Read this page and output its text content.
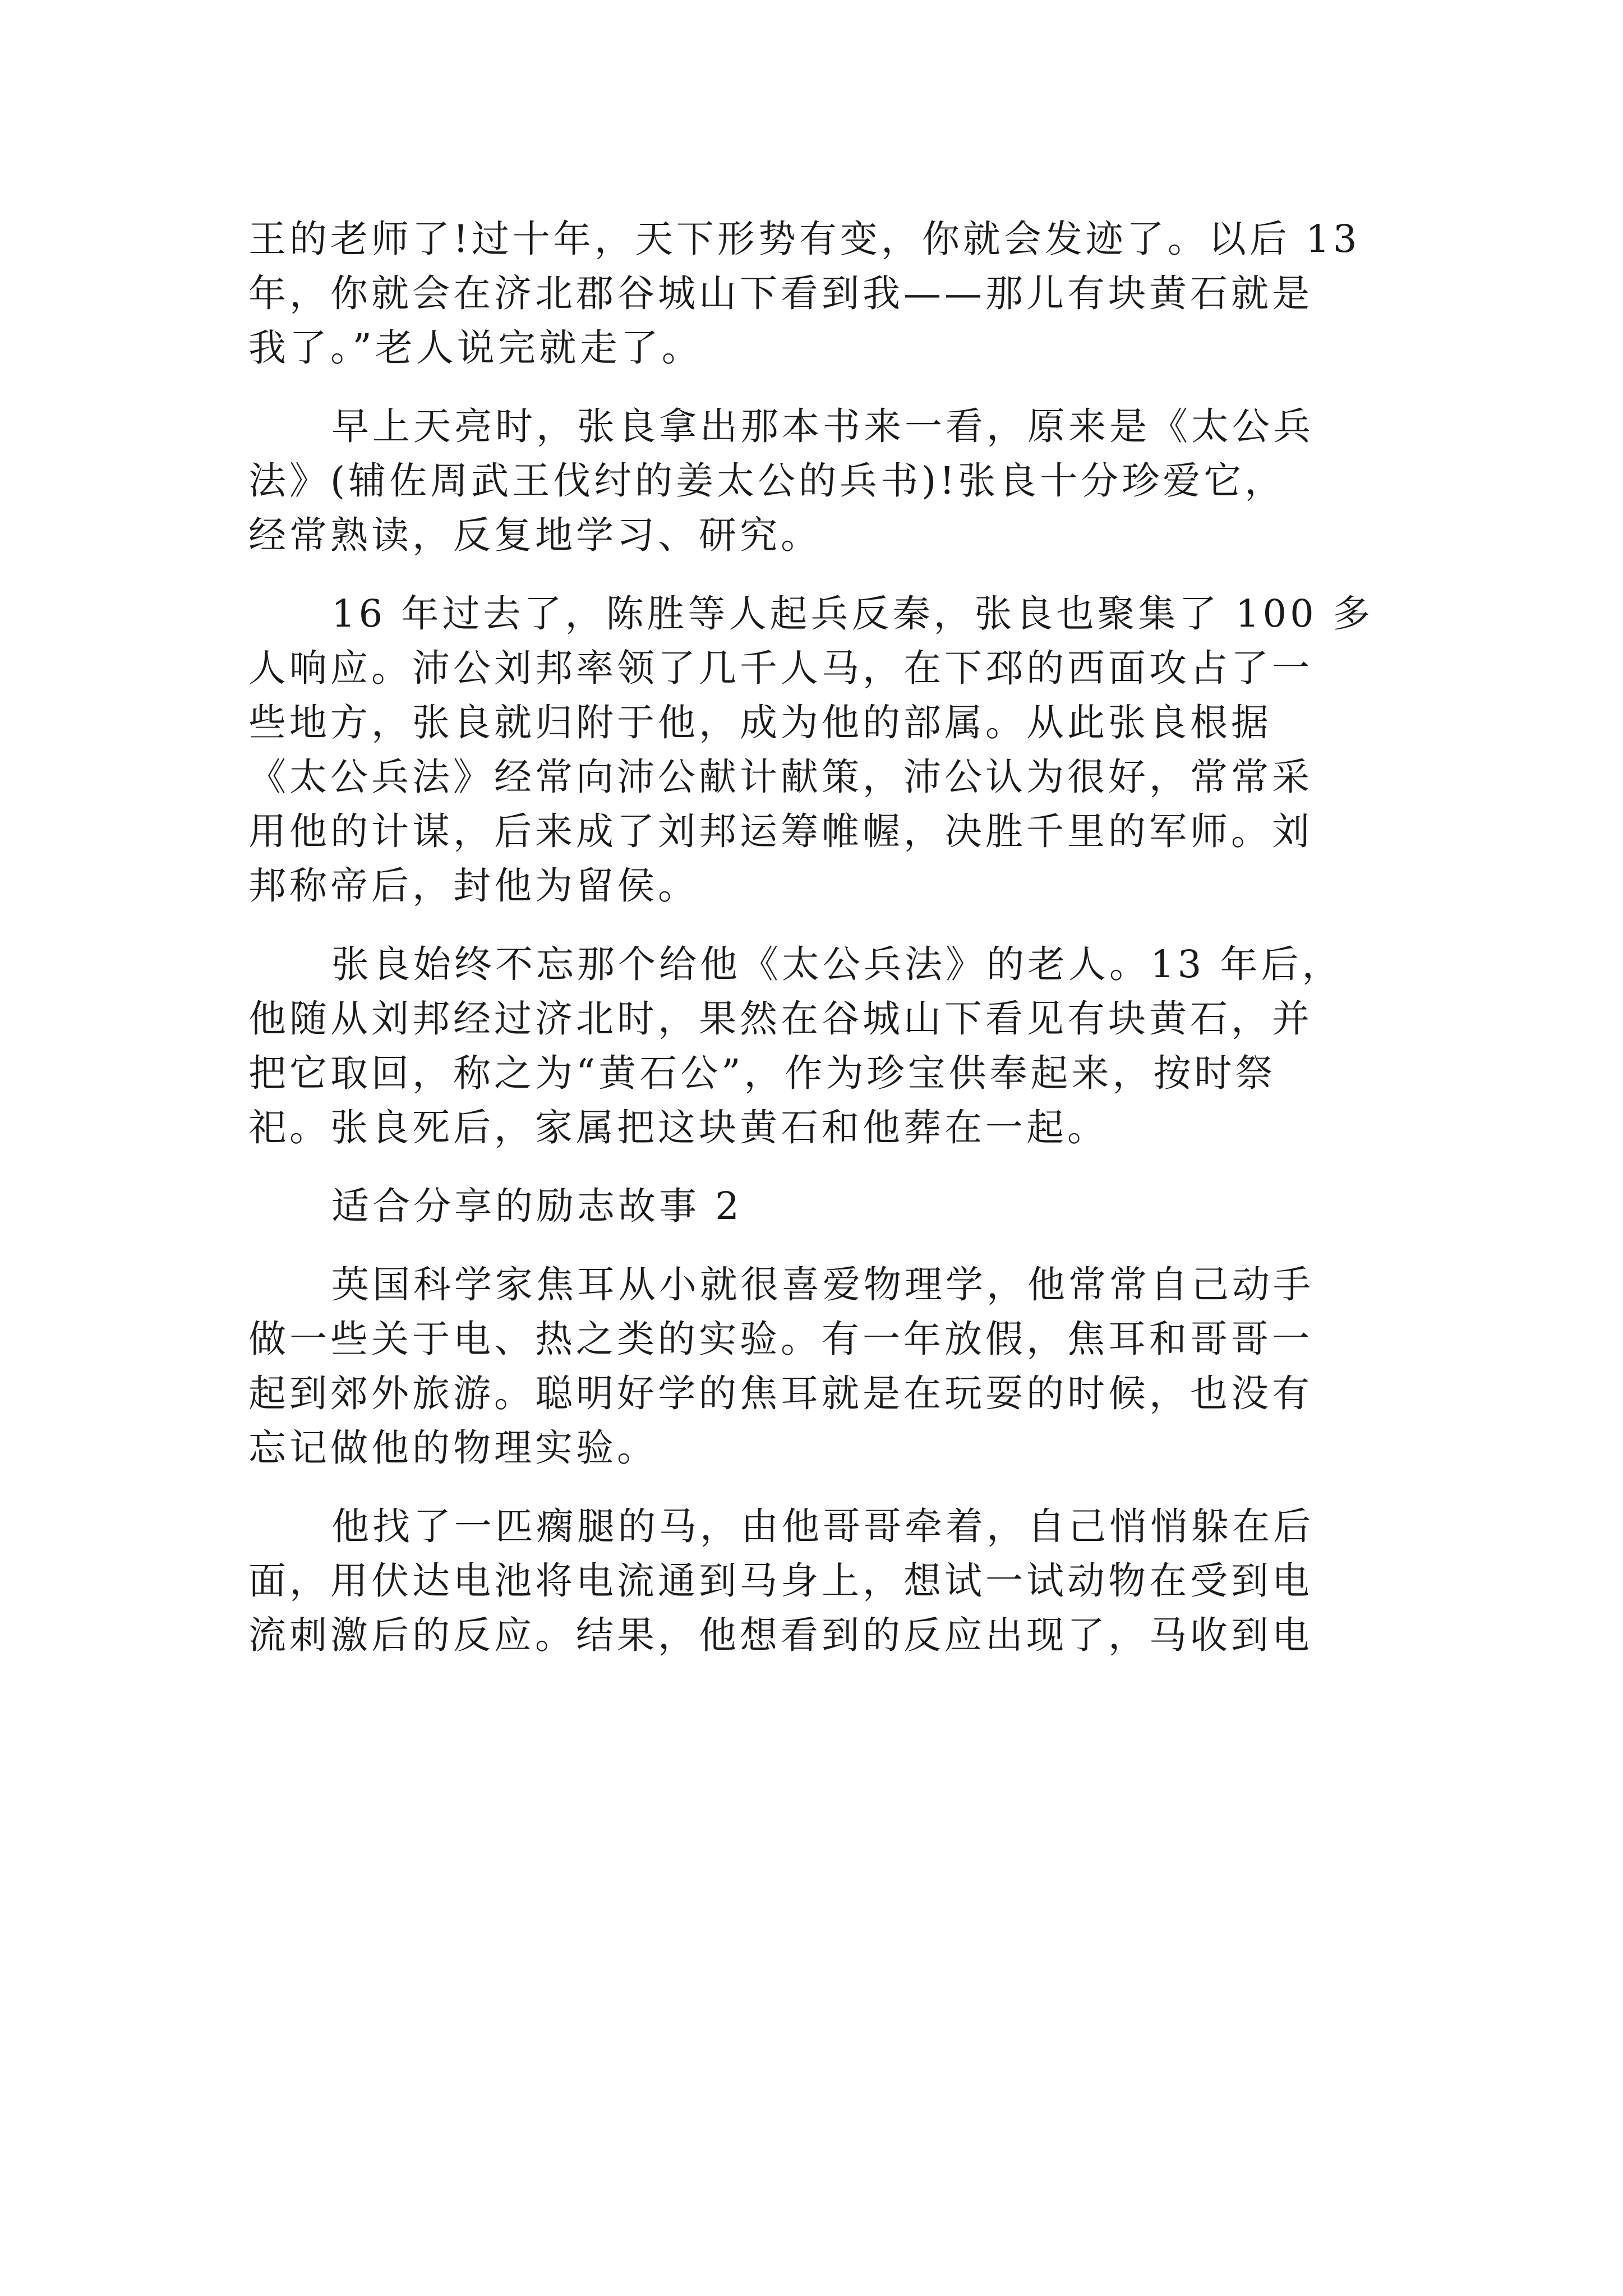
王的老师了!过十年，天下形势有变，你就会发迹了。以后 13
年，你就会在济北郡谷城山下看到我——那儿有块黄石就是
我了。”老人说完就走了。
早上天亮时，张良拿出那本书来一看，原来是《太公兵
法》(辅佐周武王伐纣的姜太公的兵书)!张良十分珍爱它，
经常熟读，反复地学习、研究。
16 年过去了，陈胜等人起兵反秦，张良也聚集了 100 多
人响应。沛公刘邦率领了几千人马，在下邳的西面攻占了一
些地方，张良就归附于他，成为他的部属。从此张良根据
《太公兵法》经常向沛公献计献策，沛公认为很好，常常采
用他的计谋，后来成了刘邦运筹帷幄，决胜千里的军师。刘
邦称帝后，封他为留侯。
张良始终不忘那个给他《太公兵法》的老人。13 年后，
他随从刘邦经过济北时，果然在谷城山下看见有块黄石，并
把它取回，称之为“黄石公”，作为珍宝供奉起来，按时祭
祀。张良死后，家属把这块黄石和他葬在一起。
适合分享的励志故事 2
英国科学家焦耳从小就很喜爱物理学，他常常自己动手
做一些关于电、热之类的实验。有一年放假，焦耳和哥哥一
起到郊外旅游。聪明好学的焦耳就是在玩耍的时候，也没有
忘记做他的物理实验。
他找了一匹瘸腿的马，由他哥哥牵着，自己悄悄躲在后
面，用伏达电池将电流通到马身上，想试一试动物在受到电
流刺激后的反应。结果，他想看到的反应出现了，马收到电
